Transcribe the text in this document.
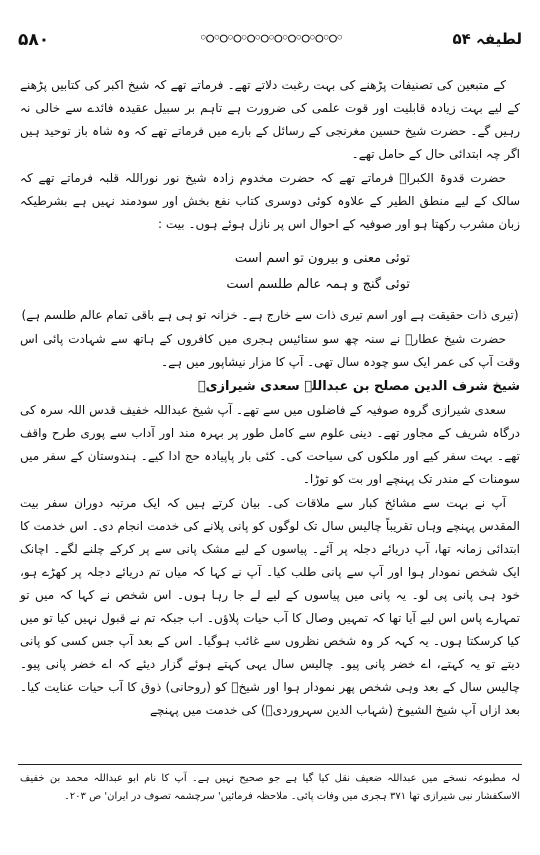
۵۸۰	◦○◦○◦○◦○◦○◦○◦○◦○◦○◦○◦	لطیفہ ۵۴

کے متبعین کی تصنیفات پڑھنے کی بہت رغبت دلاتے تھے۔ فرماتے تھے کہ شیخ اکبر کی کتابیں پڑھنے کے لیے بہت زیادہ قابلیت اور قوت علمی کی ضرورت ہے تاہم بر سبیل عقیدہ فائدے سے خالی نہ رہیں گے۔ حضرت شیخ حسین مغرنجی کے رسائل کے بارے میں فرماتے تھے کہ وہ شاہ باز توحید ہیں اگر چہ ابتدائی حال کے حامل تھے۔

حضرت قدوۃ الکبراؒ فرماتے تھے کہ حضرت مخدوم زادہ شیخ نور نوراللہ قلبہ فرماتے تھے کہ سالک کے لیے منطق الطیر کے علاوہ کوئی دوسری کتاب نفع بخش اور سودمند نہیں ہے بشرطیکہ زبان مشرب رکھتا ہو اور صوفیہ کے احوال اس پر نازل ہوئے ہوں۔ بیت :

توئی معنی و بیرون تو اسم است
توئی گنج و ہمہ عالم طلسم است

(تیری ذات حقیقت ہے اور اسم تیری ذات سے خارج ہے۔ خزانہ تو ہی ہے باقی تمام عالم طلسم ہے)

حضرت شیخ عطارؒ نے سنہ چھ سو ستائیس ہجری میں کافروں کے ہاتھ سے شہادت پائی اس وقت آپ کی عمر ایک سو چودہ سال تھی۔ آپ کا مزار نیشاپور میں ہے۔

شیخ شرف الدین مصلح بن عبداللہ سعدی شیرازیؒ

سعدی شیرازی گروہ صوفیہ کے فاضلوں میں سے تھے۔ آپ شیخ عبداللہ خفیف قدس اللہ سرہ کی درگاہ شریف کے مجاور تھے۔ دینی علوم سے کامل طور پر بہرہ مند اور آداب سے پوری طرح واقف تھے۔ بہت سفر کیے اور ملکوں کی سیاحت کی۔ کئی بار پاپیادہ حج ادا کیے۔ ہندوستان کے سفر میں سومنات کے مندر تک پہنچے اور بت کو توڑا۔

آپ نے بہت سے مشائخ کبار سے ملاقات کی۔ بیان کرتے ہیں کہ ایک مرتبہ دوران سفر بیت المقدس پہنچے وہاں تقریباً چالیس سال تک لوگوں کو پانی پلانے کی خدمت انجام دی۔ اس خدمت کا ابتدائی زمانہ تھا، آپ دریائے دجلہ پر آئے۔ پیاسوں کے لیے مشک پانی سے پر کرکے چلنے لگے۔ اچانک ایک شخص نمودار ہوا اور آپ سے پانی طلب کیا۔ آپ نے کہا کہ میاں تم دریائے دجلہ پر کھڑے ہو، خود ہی پانی پی لو۔ یہ پانی میں پیاسوں کے لیے لے جا رہا ہوں۔ اس شخص نے کہا کہ میں تو تمہارے پاس اس لیے آیا تھا کہ تمہیں وصال کا آب حیات پلاؤں۔ اب جبکہ تم نے قبول نہیں کیا تو میں کیا کرسکتا ہوں۔ یہ کہہ کر وہ شخص نظروں سے غائب ہوگیا۔ اس کے بعد آپ جس کسی کو پانی دیتے تو یہ کہتے، اے خضر پانی پیو۔ چالیس سال یہی کہتے ہوئے گزار دیئے کہ اے خضر پانی پیو۔ چالیس سال کے بعد وہی شخص پھر نمودار ہوا اور شیخؒ کو (روحانی) ذوق کا آب حیات عنایت کیا۔ بعد ازاں آپ شیخ الشیوخ (شہاب الدین سہروردیؒ) کی خدمت میں پہنچے

لہ مطبوعہ نسخے میں عبداللہ ضعیف نقل کیا گیا ہے جو صحیح نہیں ہے۔ آپ کا نام ابو عبداللہ محمد بن خفیف الاسکفشار نبی شیرازی تھا ۳۷۱ ہجری میں وفات پائی۔ ملاحظہ فرمائیں' سرچشمہ تصوف در ایران' ص ۲۰۳۔
